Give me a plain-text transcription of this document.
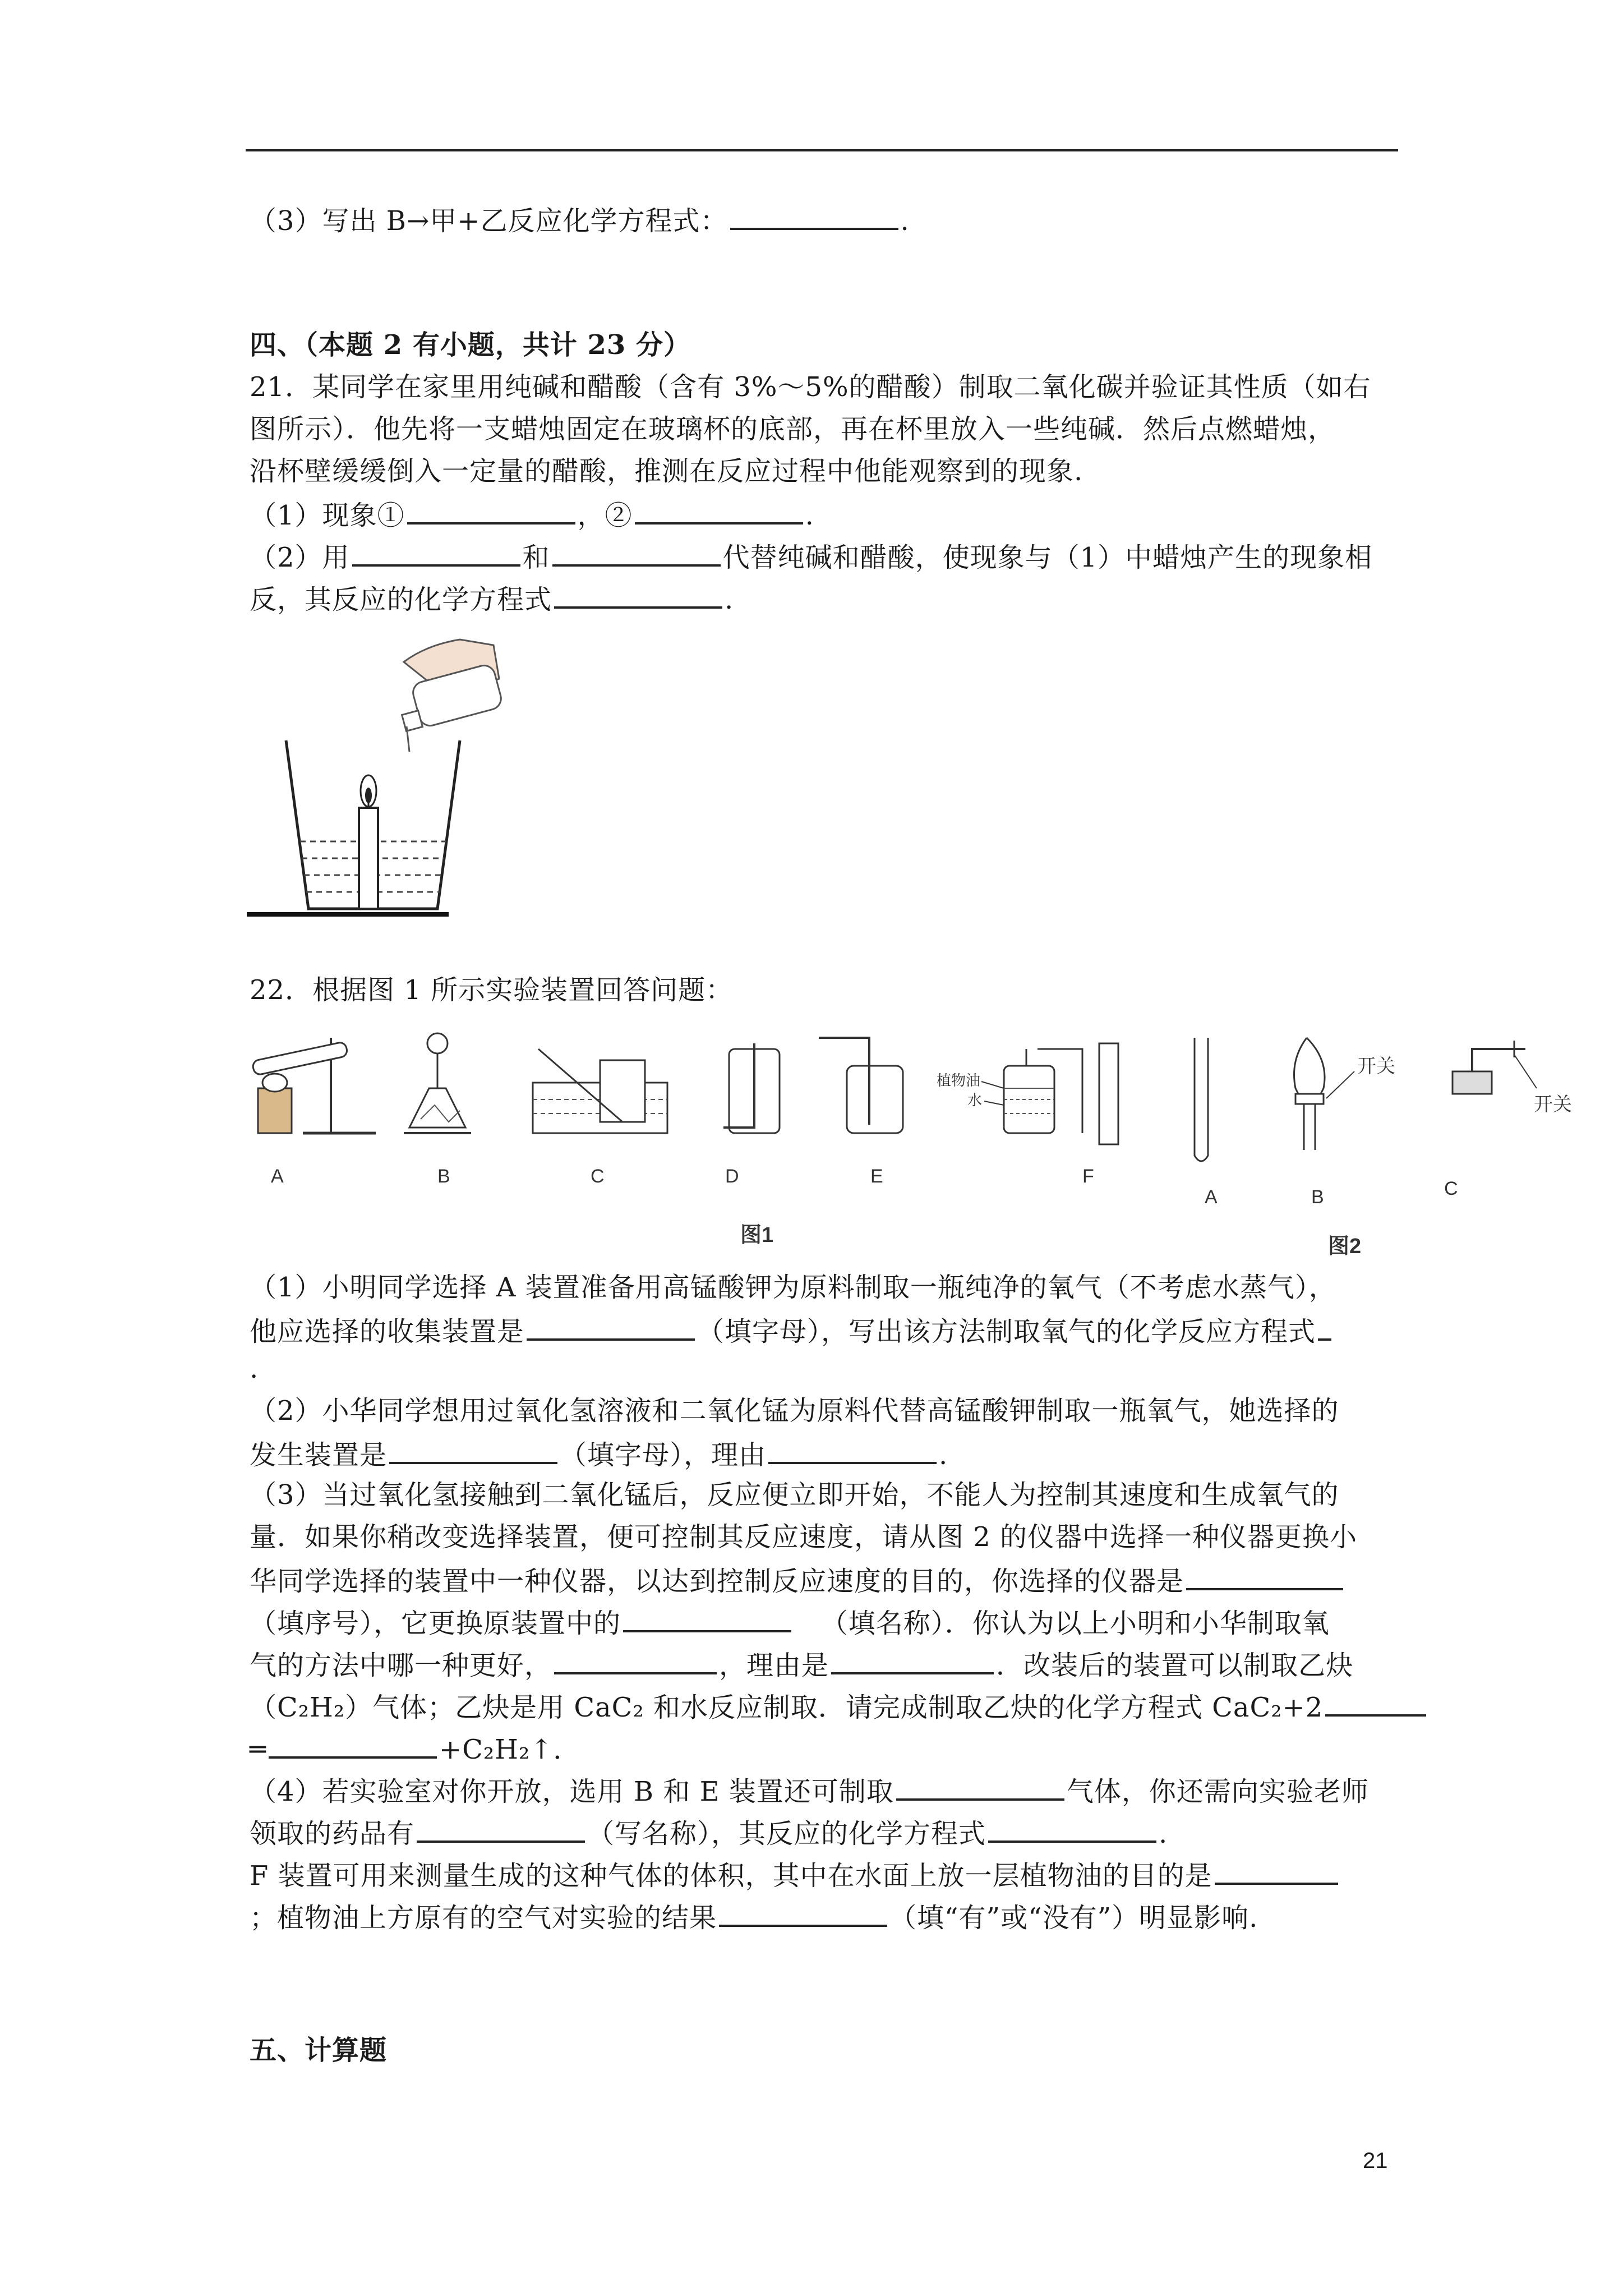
（3）写出 B→甲+乙反应化学方程式：	.
四、（本题 2 有小题，共计 23 分）
21．某同学在家里用纯碱和醋酸（含有 3%～5%的醋酸）制取二氧化碳并验证其性质（如右
图所示）．他先将一支蜡烛固定在玻璃杯的底部，再在杯里放入一些纯碱．然后点燃蜡烛，
沿杯壁缓缓倒入一定量的醋酸，推测在反应过程中他能观察到的现象.
（1）现象①	，②	.
（2）用	和	代替纯碱和醋酸，使现象与（1）中蜡烛产生的现象相
反，其反应的化学方程式	.
22．根据图 1 所示实验装置回答问题：
植物油
水
开关
开关
A	B	C	D	E	F
A	B	C
图1	图2
（1）小明同学选择 A 装置准备用高锰酸钾为原料制取一瓶纯净的氧气（不考虑水蒸气），
他应选择的收集装置是	（填字母），写出该方法制取氧气的化学反应方程式
.
（2）小华同学想用过氧化氢溶液和二氧化锰为原料代替高锰酸钾制取一瓶氧气，她选择的
发生装置是	（填字母），理由	.
（3）当过氧化氢接触到二氧化锰后，反应便立即开始，不能人为控制其速度和生成氧气的
量．如果你稍改变选择装置，便可控制其反应速度，请从图 2 的仪器中选择一种仪器更换小
华同学选择的装置中一种仪器，以达到控制反应速度的目的，你选择的仪器是
（填序号），它更换原装置中的	（填名称）．你认为以上小明和小华制取氧
气的方法中哪一种更好，	，理由是	．改装后的装置可以制取乙炔
（C₂H₂）气体；乙炔是用 CaC₂ 和水反应制取．请完成制取乙炔的化学方程式 CaC₂+2
═	+C₂H₂↑．
（4）若实验室对你开放，选用 B 和 E 装置还可制取	气体，你还需向实验老师
领取的药品有	（写名称），其反应的化学方程式	.
F 装置可用来测量生成的这种气体的体积，其中在水面上放一层植物油的目的是
；植物油上方原有的空气对实验的结果	（填“有”或“没有”）明显影响.
五、计算题
21
